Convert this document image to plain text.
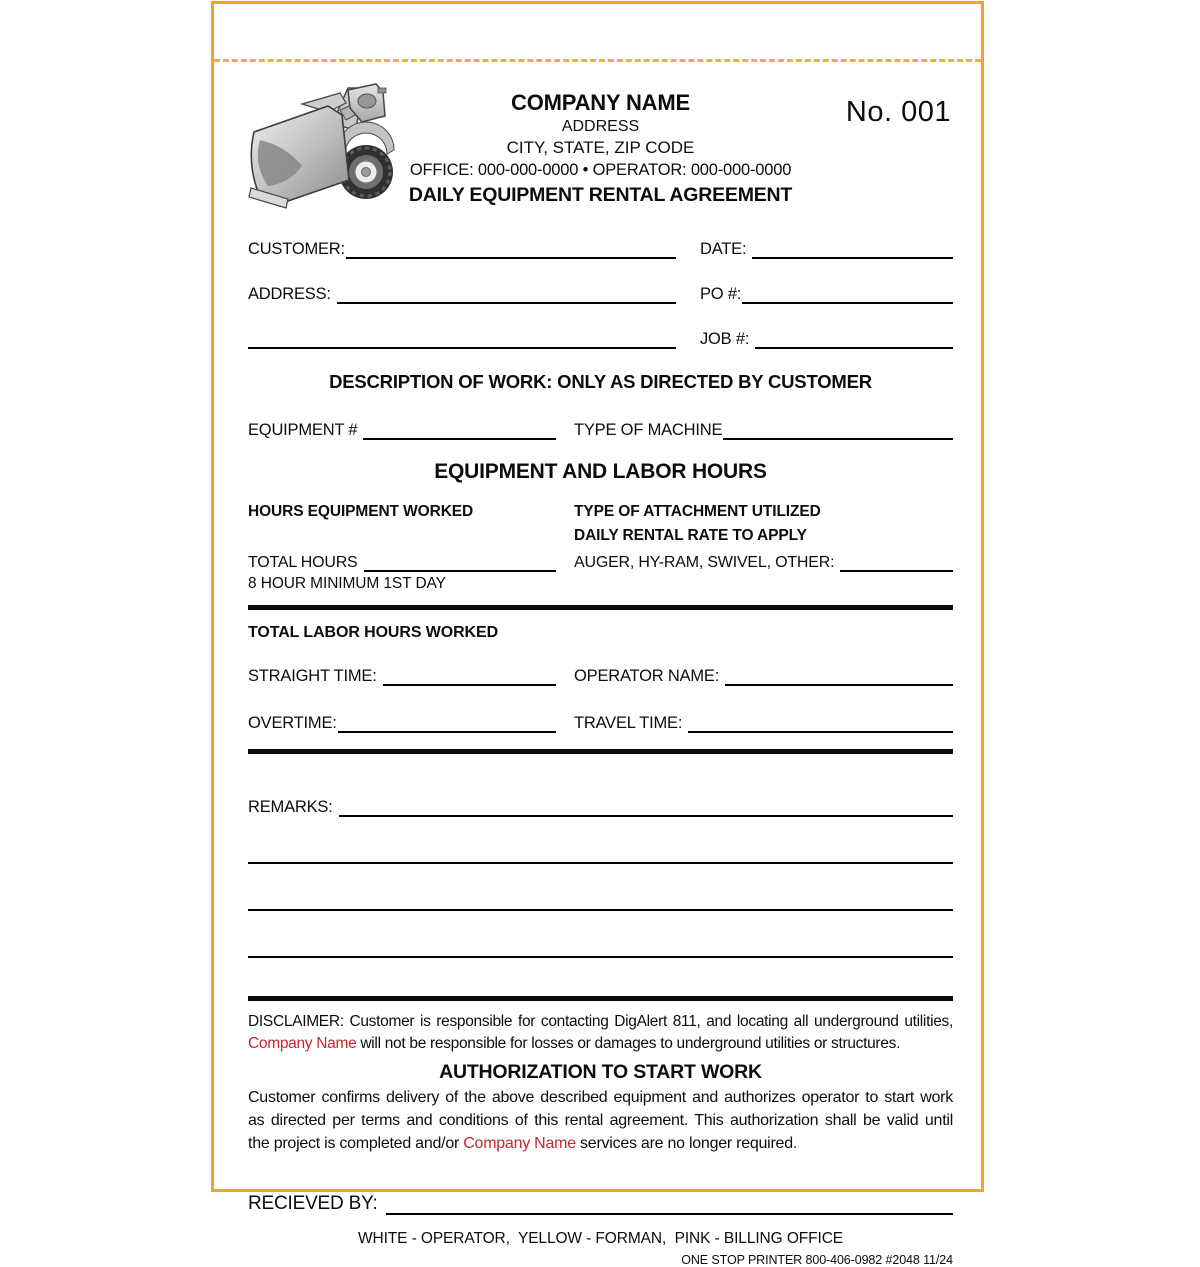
COMPANY NAME
ADDRESS
CITY, STATE, ZIP CODE
OFFICE: 000-000-0000 • OPERATOR: 000-000-0000
DAILY EQUIPMENT RENTAL AGREEMENT
No. 001
CUSTOMER:	DATE:
ADDRESS:	PO #:
JOB #:
DESCRIPTION OF WORK: ONLY AS DIRECTED BY CUSTOMER
EQUIPMENT #	TYPE OF MACHINE
EQUIPMENT AND LABOR HOURS
HOURS EQUIPMENT WORKED
TOTAL HOURS
8 HOUR MINIMUM 1ST DAY
TYPE OF ATTACHMENT UTILIZED
DAILY RENTAL RATE TO APPLY
AUGER, HY-RAM, SWIVEL, OTHER:
TOTAL LABOR HOURS WORKED
STRAIGHT TIME:	OPERATOR NAME:
OVERTIME:	TRAVEL TIME:
REMARKS:
DISCLAIMER: Customer is responsible for contacting DigAlert 811, and locating all underground utilities,
Company Name will not be responsible for losses or damages to underground utilities or structures.
AUTHORIZATION TO START WORK
Customer confirms delivery of the above described equipment and authorizes operator to start work
as directed per terms and conditions of this rental agreement. This authorization shall be valid until
the project is completed and/or Company Name services are no longer required.
RECIEVED BY:
WHITE - OPERATOR,  YELLOW - FORMAN,  PINK - BILLING OFFICE
ONE STOP PRINTER 800-406-0982 #2048 11/24
